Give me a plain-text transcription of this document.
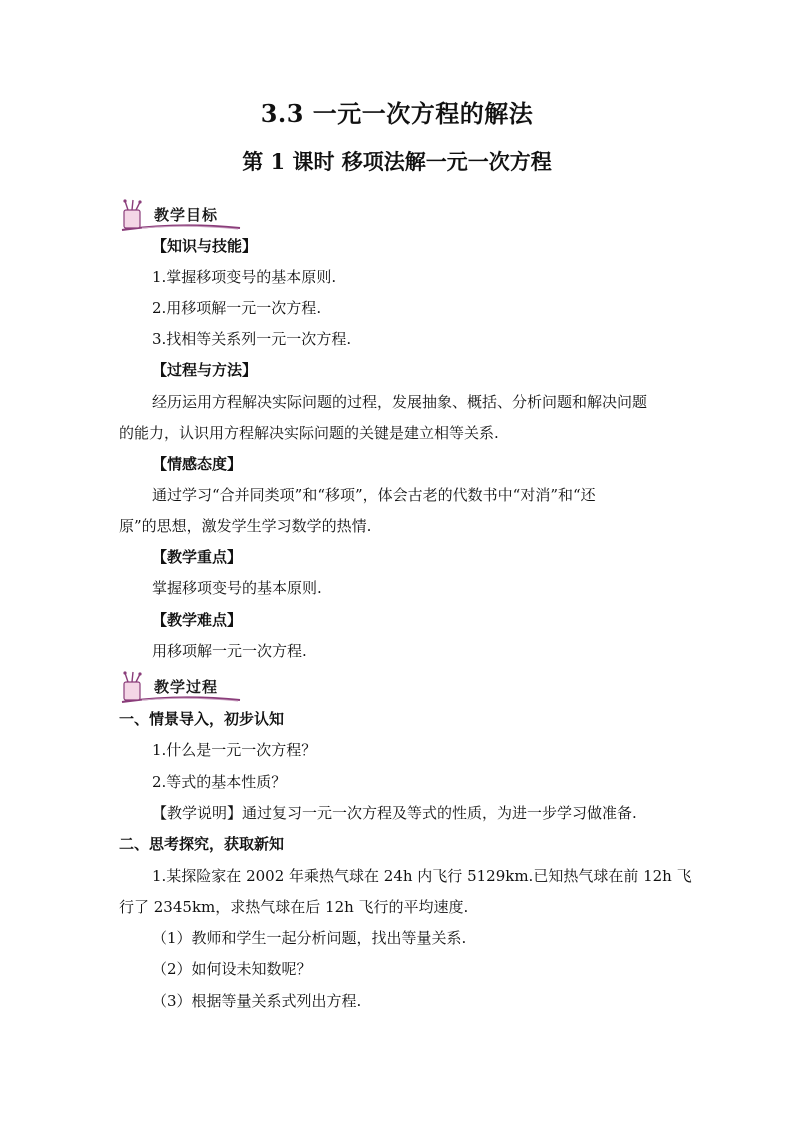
3.3 一元一次方程的解法
第 1 课时 移项法解一元一次方程
教学目标
【知识与技能】
1.掌握移项变号的基本原则.
2.用移项解一元一次方程.
3.找相等关系列一元一次方程.
【过程与方法】
经历运用方程解决实际问题的过程，发展抽象、概括、分析问题和解决问题
的能力，认识用方程解决实际问题的关键是建立相等关系.
【情感态度】
通过学习“合并同类项”和“移项”，体会古老的代数书中“对消”和“还
原”的思想，激发学生学习数学的热情.
【教学重点】
掌握移项变号的基本原则.
【教学难点】
用移项解一元一次方程.
教学过程
一、情景导入，初步认知
1.什么是一元一次方程？
2.等式的基本性质？
【教学说明】通过复习一元一次方程及等式的性质，为进一步学习做准备.
二、思考探究，获取新知
1.某探险家在 2002 年乘热气球在 24h 内飞行 5129km.已知热气球在前 12h 飞
行了 2345km，求热气球在后 12h 飞行的平均速度.
（1）教师和学生一起分析问题，找出等量关系.
（2）如何设未知数呢？
（3）根据等量关系式列出方程.
